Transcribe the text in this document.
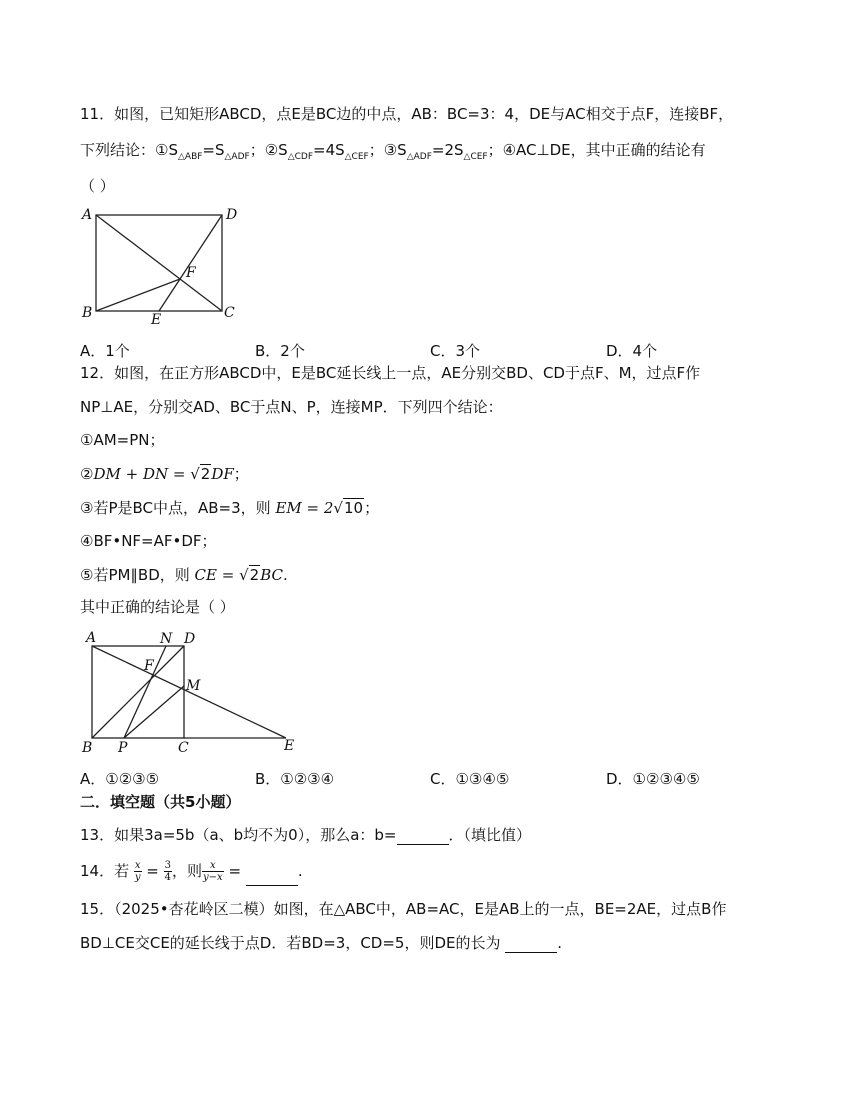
11．如图，已知矩形ABCD，点E是BC边的中点，AB：BC=3：4，DE与AC相交于点F，连接BF，
下列结论：$①S_{\triangle ABF}=S_{\triangle ADF}$；$②S_{\triangle CDF}=4S_{\triangle CEF}$；$③S_{\triangle ADF}=2S_{\triangle CEF}$；④AC⊥DE，其中正确的结论有
（ ）
A	D
F
B	E	C
A．1个	B．2个	C．3个	D．4个
12．如图，在正方形ABCD中，E是BC延长线上一点，AE分别交BD、CD于点F、M，过点F作
NP⊥AE，分别交AD、BC于点N、P，连接MP．下列四个结论：
①AM=PN；
②DM + DN = √2DF；
③若P是BC中点，AB=3，则 EM = 2√10；
④BF•NF=AF•DF；
⑤若PM∥BD，则 CE = √2BC.
其中正确的结论是（ ）
A	N D
F
M
B P	C	E
A．①②③⑤	B．①②③④	C．①③④⑤	D．①②③④⑤
二．填空题（共5小题）
13．如果3a=5b（a、b均不为0），那么a：b=	．（填比值）
14．若 $\frac{x}{y} = \frac{3}{4}$ ，则 $\frac{x}{y-x}$ =	.
15．（2025•杏花岭区二模）如图，在△ABC中，AB=AC，E是AB上的一点，BE=2AE，过点B作
BD⊥CE交CE的延长线于点D．若BD=3，CD=5，则DE的长为	.
